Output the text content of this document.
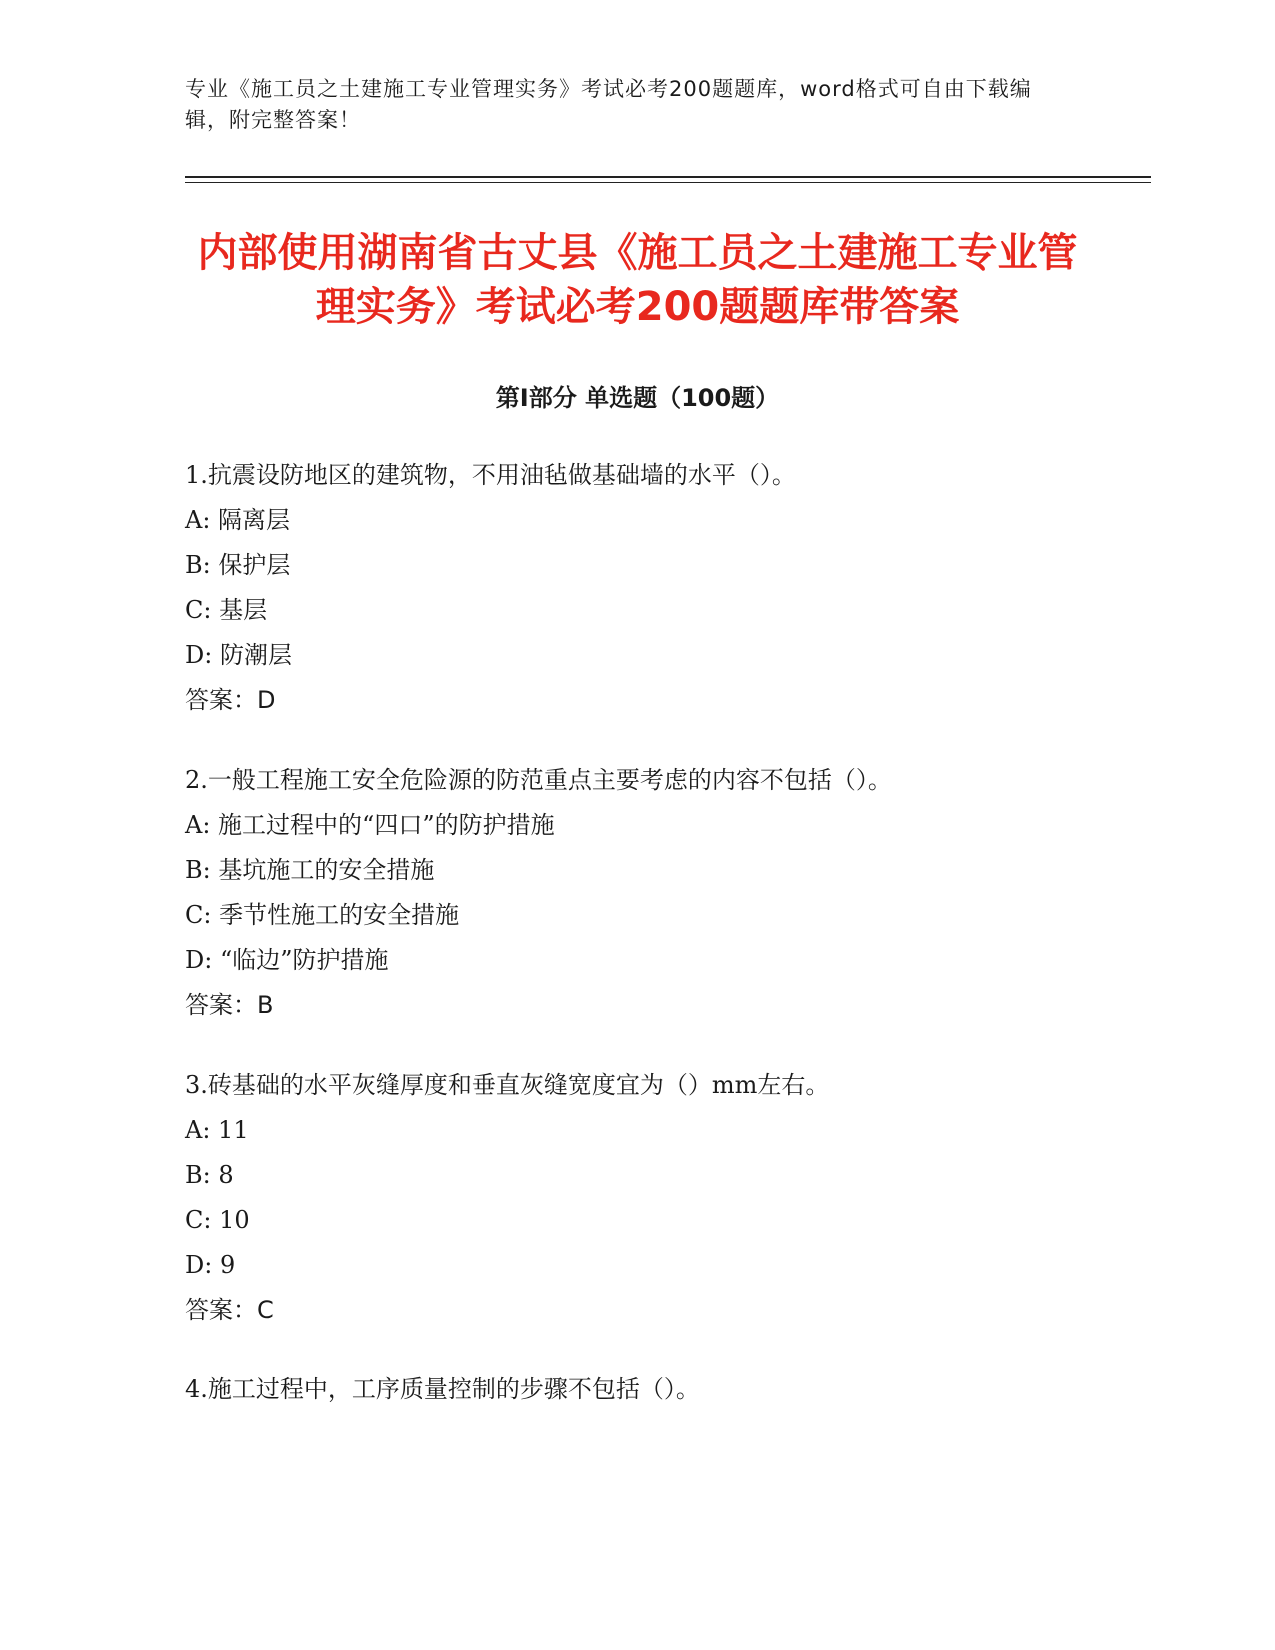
专业《施工员之土建施工专业管理实务》考试必考200题题库，word格式可自由下载编辑，附完整答案！
内部使用湖南省古丈县《施工员之土建施工专业管理实务》考试必考200题题库带答案
第Ⅰ部分 单选题（100题）

1.抗震设防地区的建筑物，不用油毡做基础墙的水平（）。

A: 隔离层

B: 保护层

C: 基层

D: 防潮层

答案：D

2.一般工程施工安全危险源的防范重点主要考虑的内容不包括（）。

A: 施工过程中的“四口”的防护措施

B: 基坑施工的安全措施

C: 季节性施工的安全措施

D: “临边”防护措施

答案：B

3.砖基础的水平灰缝厚度和垂直灰缝宽度宜为（）mm左右。

A: 11

B: 8

C: 10

D: 9

答案：C

4.施工过程中，工序质量控制的步骤不包括（）。
